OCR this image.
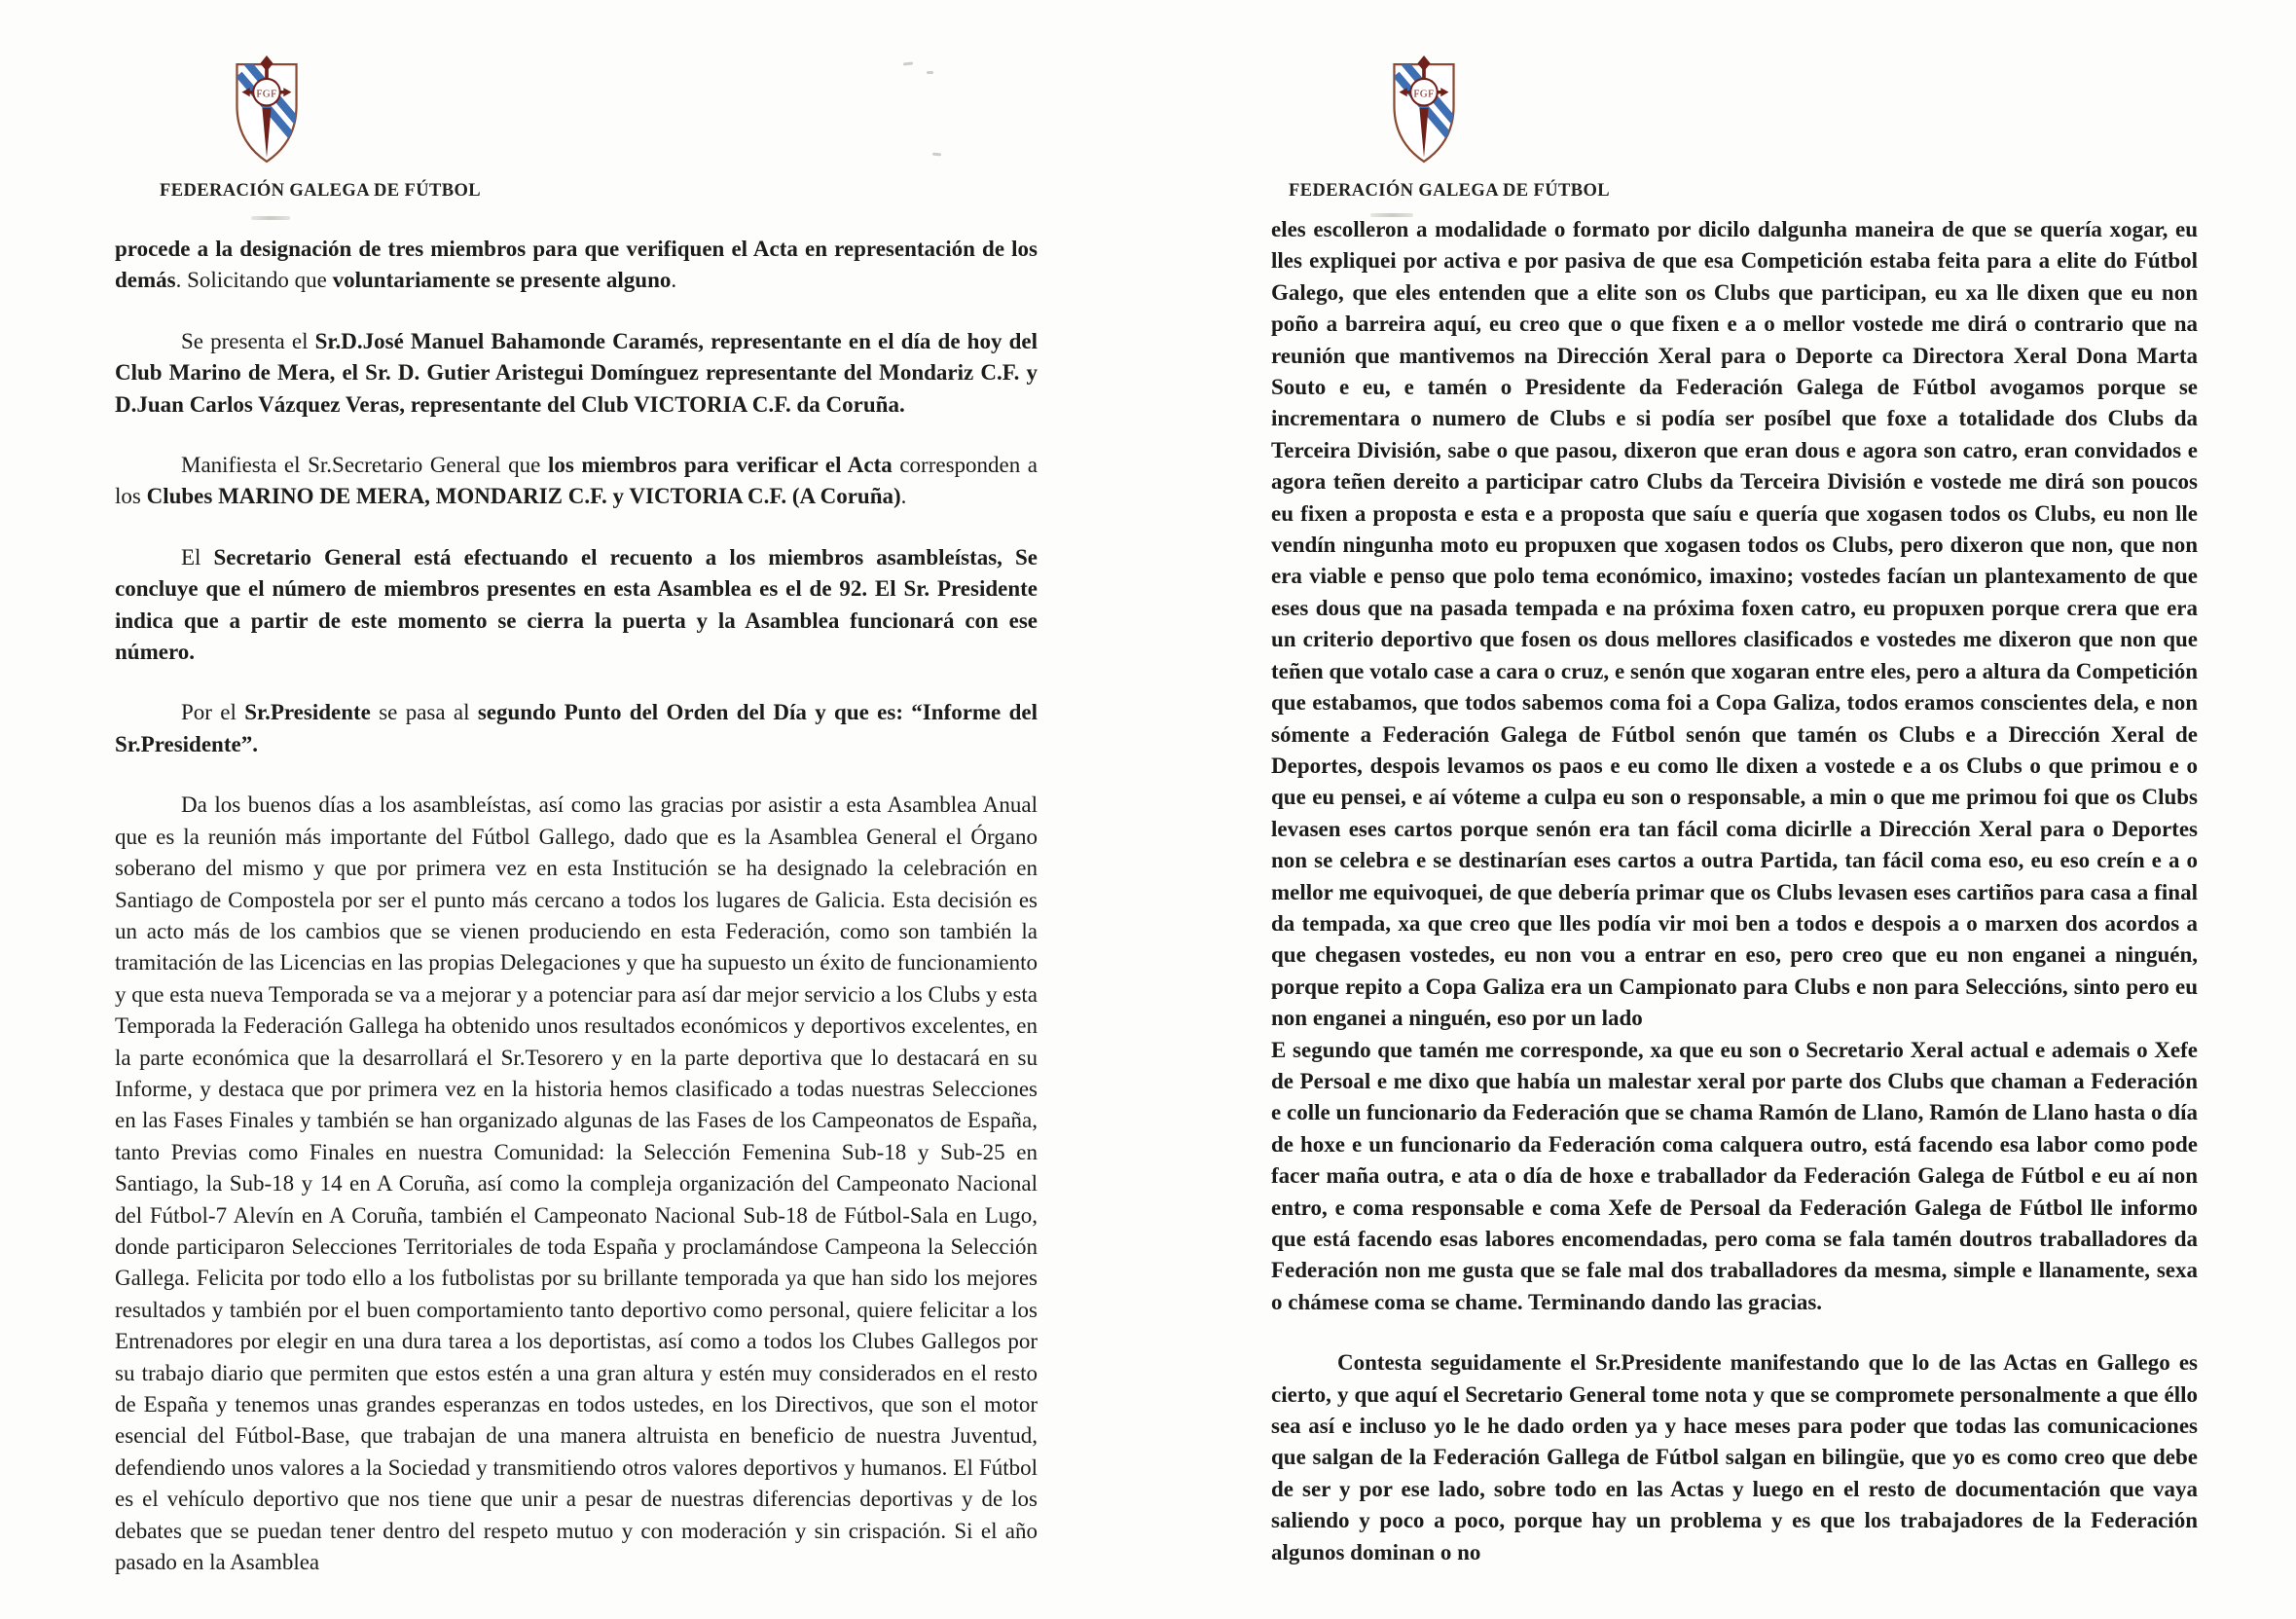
FGF
FEDERACIÓN GALEGA DE FÚTBOL

procede a la designación de tres miembros para que verifiquen el Acta en representación de los demás. Solicitando que voluntariamente se presente alguno.

Se presenta el Sr.D.José Manuel Bahamonde Caramés, representante en el día de hoy del Club Marino de Mera, el Sr. D. Gutier Aristegui Domínguez representante del Mondariz C.F. y D.Juan Carlos Vázquez Veras, representante del Club VICTORIA C.F. da Coruña.

Manifiesta el Sr.Secretario General que los miembros para verificar el Acta corresponden a los Clubes MARINO DE MERA, MONDARIZ C.F. y VICTORIA C.F. (A Coruña).

El Secretario General está efectuando el recuento a los miembros asambleístas, Se concluye que el número de miembros presentes en esta Asamblea es el de 92. El Sr. Presidente indica que a partir de este momento se cierra la puerta y la Asamblea funcionará con ese número.

Por el Sr.Presidente se pasa al segundo Punto del Orden del Día y que es: “Informe del Sr.Presidente”.

Da los buenos días a los asambleístas, así como las gracias por asistir a esta Asamblea Anual que es la reunión más importante del Fútbol Gallego, dado que es la Asamblea General el Órgano soberano del mismo y que por primera vez en esta Institución se ha designado la celebración en Santiago de Compostela por ser el punto más cercano a todos los lugares de Galicia. Esta decisión es un acto más de los cambios que se vienen produciendo en esta Federación, como son también la tramitación de las Licencias en las propias Delegaciones y que ha supuesto un éxito de funcionamiento y que esta nueva Temporada se va a mejorar y a potenciar para así dar mejor servicio a los Clubs y esta Temporada la Federación Gallega ha obtenido unos resultados económicos y deportivos excelentes, en la parte económica que la desarrollará el Sr.Tesorero y en la parte deportiva que lo destacará en su Informe, y destaca que por primera vez en la historia hemos clasificado a todas nuestras Selecciones en las Fases Finales y también se han organizado algunas de las Fases de los Campeonatos de España, tanto Previas como Finales en nuestra Comunidad: la Selección Femenina Sub-18 y Sub-25 en Santiago, la Sub-18 y 14 en A Coruña, así como la compleja organización del Campeonato Nacional del Fútbol-7 Alevín en A Coruña, también el Campeonato Nacional Sub-18 de Fútbol-Sala en Lugo, donde participaron Selecciones Territoriales de toda España y proclamándose Campeona la Selección Gallega. Felicita por todo ello a los futbolistas por su brillante temporada ya que han sido los mejores resultados y también por el buen comportamiento tanto deportivo como personal, quiere felicitar a los Entrenadores por elegir en una dura tarea a los deportistas, así como a todos los Clubes Gallegos por su trabajo diario que permiten que estos estén a una gran altura y estén muy considerados en el resto de España y tenemos unas grandes esperanzas en todos ustedes, en los Directivos, que son el motor esencial del Fútbol-Base, que trabajan de una manera altruista en beneficio de nuestra Juventud, defendiendo unos valores a la Sociedad y transmitiendo otros valores deportivos y humanos. El Fútbol es el vehículo deportivo que nos tiene que unir a pesar de nuestras diferencias deportivas y de los debates que se puedan tener dentro del respeto mutuo y con moderación y sin crispación. Si el año pasado en la Asamblea

FGF
FEDERACIÓN GALEGA DE FÚTBOL

eles escolleron a modalidade o formato por dicilo dalgunha maneira de que se quería xogar, eu lles expliquei por activa e por pasiva de que esa Competición estaba feita para a elite do Fútbol Galego, que eles entenden que a elite son os Clubs que participan, eu xa lle dixen que eu non poño a barreira aquí, eu creo que o que fixen e a o mellor vostede me dirá o contrario que na reunión que mantivemos na Dirección Xeral para o Deporte ca Directora Xeral Dona Marta Souto e eu, e tamén o Presidente da Federación Galega de Fútbol avogamos porque se incrementara o numero de Clubs e si podía ser posíbel que foxe a totalidade dos Clubs da Terceira División, sabe o que pasou, dixeron que eran dous e agora son catro, eran convidados e agora teñen dereito a participar catro Clubs da Terceira División e vostede me dirá son poucos eu fixen a proposta e esta e a proposta que saíu e quería que xogasen todos os Clubs, eu non lle vendín ningunha moto eu propuxen que xogasen todos os Clubs, pero dixeron que non, que non era viable e penso que polo tema económico, imaxino; vostedes facían un plantexamento de que eses dous que na pasada tempada e na próxima foxen catro, eu propuxen porque crera que era un criterio deportivo que fosen os dous mellores clasificados e vostedes me dixeron que non que teñen que votalo case a cara o cruz, e senón que xogaran entre eles, pero a altura da Competición que estabamos, que todos sabemos coma foi a Copa Galiza, todos eramos conscientes dela, e non sómente a Federación Galega de Fútbol senón que tamén os Clubs e a Dirección Xeral de Deportes, despois levamos os paos e eu como lle dixen a vostede e a os Clubs o que primou e o que eu pensei, e aí vóteme a culpa eu son o responsable, a min o que me primou foi que os Clubs levasen eses cartos porque senón era tan fácil coma dicirlle a Dirección Xeral para o Deportes non se celebra e se destinarían eses cartos a outra Partida, tan fácil coma eso, eu eso creín e a o mellor me equivoquei, de que debería primar que os Clubs levasen eses cartiños para casa a final da tempada, xa que creo que lles podía vir moi ben a todos e despois a o marxen dos acordos a que chegasen vostedes, eu non vou a entrar en eso, pero creo que eu non enganei a ninguén, porque repito a Copa Galiza era un Campionato para Clubs e non para Seleccións, sinto pero eu non enganei a ninguén, eso por un lado

E segundo que tamén me corresponde, xa que eu son o Secretario Xeral actual e ademais o Xefe de Persoal e me dixo que había un malestar xeral por parte dos Clubs que chaman a Federación e colle un funcionario da Federación que se chama Ramón de Llano, Ramón de Llano hasta o día de hoxe e un funcionario da Federación coma calquera outro, está facendo esa labor como pode facer maña outra, e ata o día de hoxe e traballador da Federación Galega de Fútbol e eu aí non entro, e coma responsable e coma Xefe de Persoal da Federación Galega de Fútbol lle informo que está facendo esas labores encomendadas, pero coma se fala tamén doutros traballadores da Federación non me gusta que se fale mal dos traballadores da mesma, simple e llanamente, sexa o chámese coma se chame. Terminando dando las gracias.

Contesta seguidamente el Sr.Presidente manifestando que lo de las Actas en Gallego es cierto, y que aquí el Secretario General tome nota y que se compromete personalmente a que éllo sea así e incluso yo le he dado orden ya y hace meses para poder que todas las comunicaciones que salgan de la Federación Gallega de Fútbol salgan en bilingüe, que yo es como creo que debe de ser y por ese lado, sobre todo en las Actas y luego en el resto de documentación que vaya saliendo y poco a poco, porque hay un problema y es que los trabajadores de la Federación algunos dominan o no
